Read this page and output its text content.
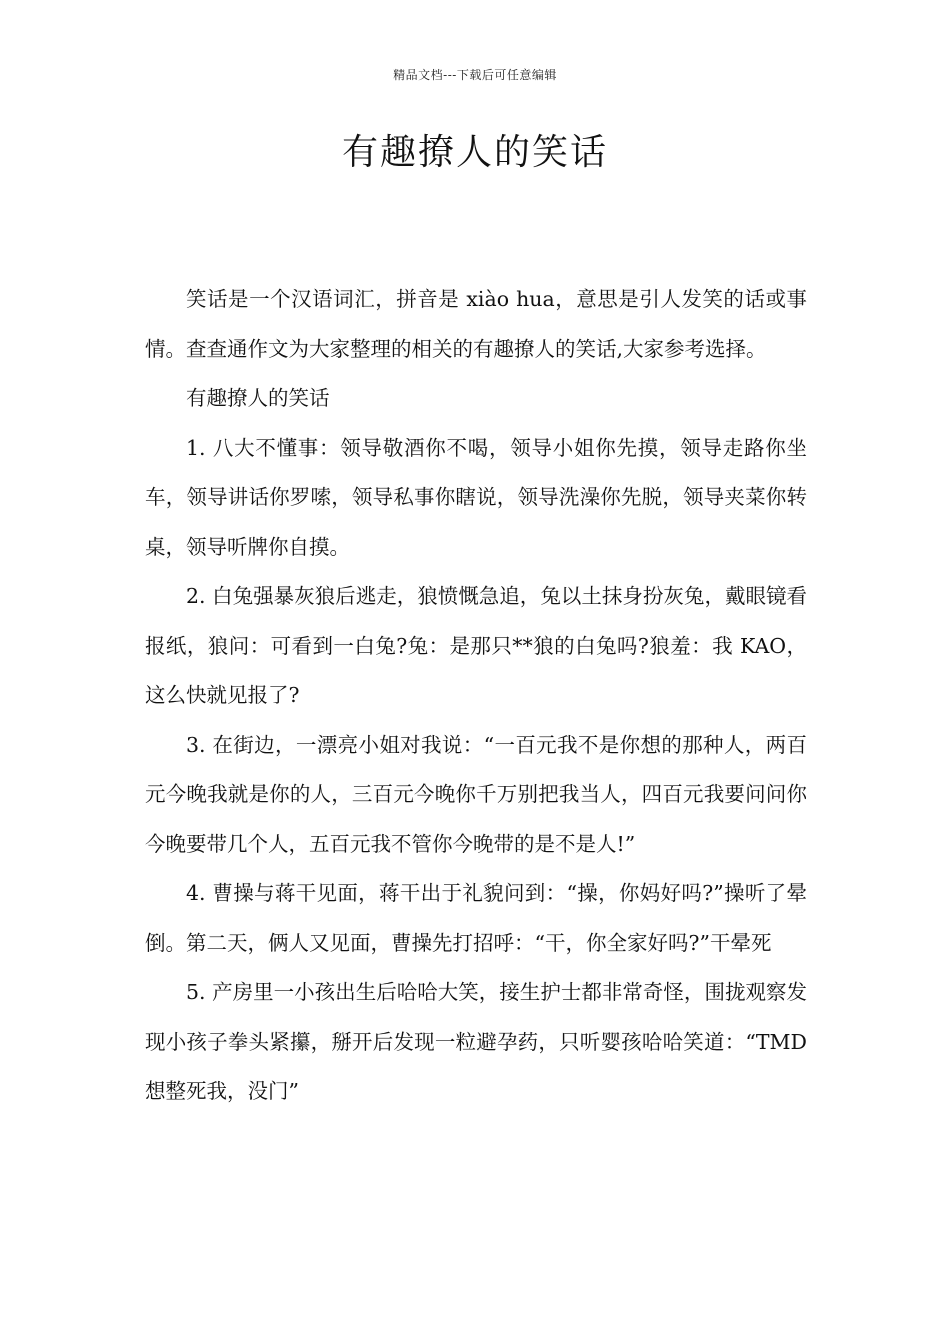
精品文档---下载后可任意编辑
有趣撩人的笑话

笑话是一个汉语词汇，拼音是 xiào hua，意思是引人发笑的话或事情。查查通作文为大家整理的相关的有趣撩人的笑话,大家参考选择。

有趣撩人的笑话

1. 八大不懂事：领导敬酒你不喝，领导小姐你先摸，领导走路你坐车，领导讲话你罗嗦，领导私事你瞎说，领导洗澡你先脱，领导夹菜你转桌，领导听牌你自摸。

2. 白兔强暴灰狼后逃走，狼愤慨急追，兔以土抹身扮灰兔，戴眼镜看报纸，狼问：可看到一白兔?兔：是那只**狼的白兔吗?狼羞：我 KAO，这么快就见报了?

3. 在街边，一漂亮小姐对我说：“一百元我不是你想的那种人，两百元今晚我就是你的人，三百元今晚你千万别把我当人，四百元我要问问你今晚要带几个人，五百元我不管你今晚带的是不是人!”

4. 曹操与蒋干见面，蒋干出于礼貌问到：“操，你妈好吗?”操听了晕倒。第二天，俩人又见面，曹操先打招呼：“干，你全家好吗?”干晕死

5. 产房里一小孩出生后哈哈大笑，接生护士都非常奇怪，围拢观察发现小孩子拳头紧攥，掰开后发现一粒避孕药，只听婴孩哈哈笑道：“TMD 想整死我，没门”
